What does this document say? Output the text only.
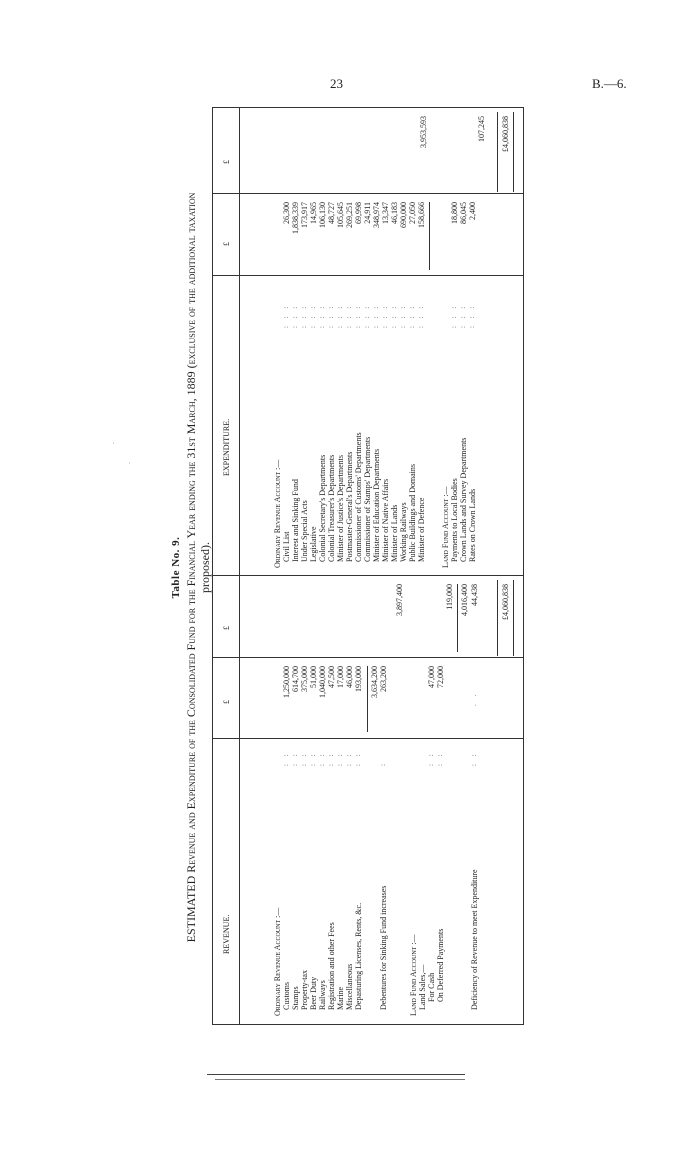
23	B.—6.
·
·
Table No. 9. ESTIMATED Revenue and Expenditure of the Consolidated Fund for the Financial Year ending the 31st March, 1889 (exclusive of the additional taxation proposed).
REVENUE.
£
£
Ordinary Revenue Account :— Customs
1,250,000
Stamps
614,700
Property-tax
375,000
Beer Duty
51,000
Railways
1,040,000
Registration and other Fees
47,500
Marine
17,000
Miscellaneous
46,000
Depasturing Licenses, Rents, &c.
193,000
: : : : : : : : : : : : : : : : : :
3,634,200
Debentures for Sinking Fund increases
:
263,200
3,897,400
Land Fund Account :— Land Sales,— For Cash
: :
47,000
On Deferred Payments
: :
72,000
119,000 4,016,400
Deficiency of Revenue to meet Expenditure
: :
. .
44,438	£4,060,838
EXPENDITURE.
£
£
Ordinary Revenue Account :— Civil List
26,300
Interest and Sinking Fund
1,838,339
Under Special Acts
173,917
Legislative
14,965
Colonial Secretary's Departments
106,130
Colonial Treasurer's Departments
48,727
Minister of Justice's Departments
105,645
Postmaster-General's Departments
269,251
Commissioner of Customs' Departments
69,998
Commissioner of Stamps' Departments
24,911
Minister of Education Departments
348,974
Minister of Native Affairs
13,347
Minister of Lands
46,183
Working Railways
690,000
Public Buildings and Domains
27,050
Minister of Defence
158,666
: : : : : : : : : : : : : : : : : : : : : : : : : : : : : : : : : : : : : : : : : : : : : : : :
3,953,593
Land Fund Account :— Payments to Local Bodies
: : :
18,800
Crown Lands and Survey Departments
: : :
86,045
Rates on Crown Lands
: : :
2,400
107,245 £4,060,838
